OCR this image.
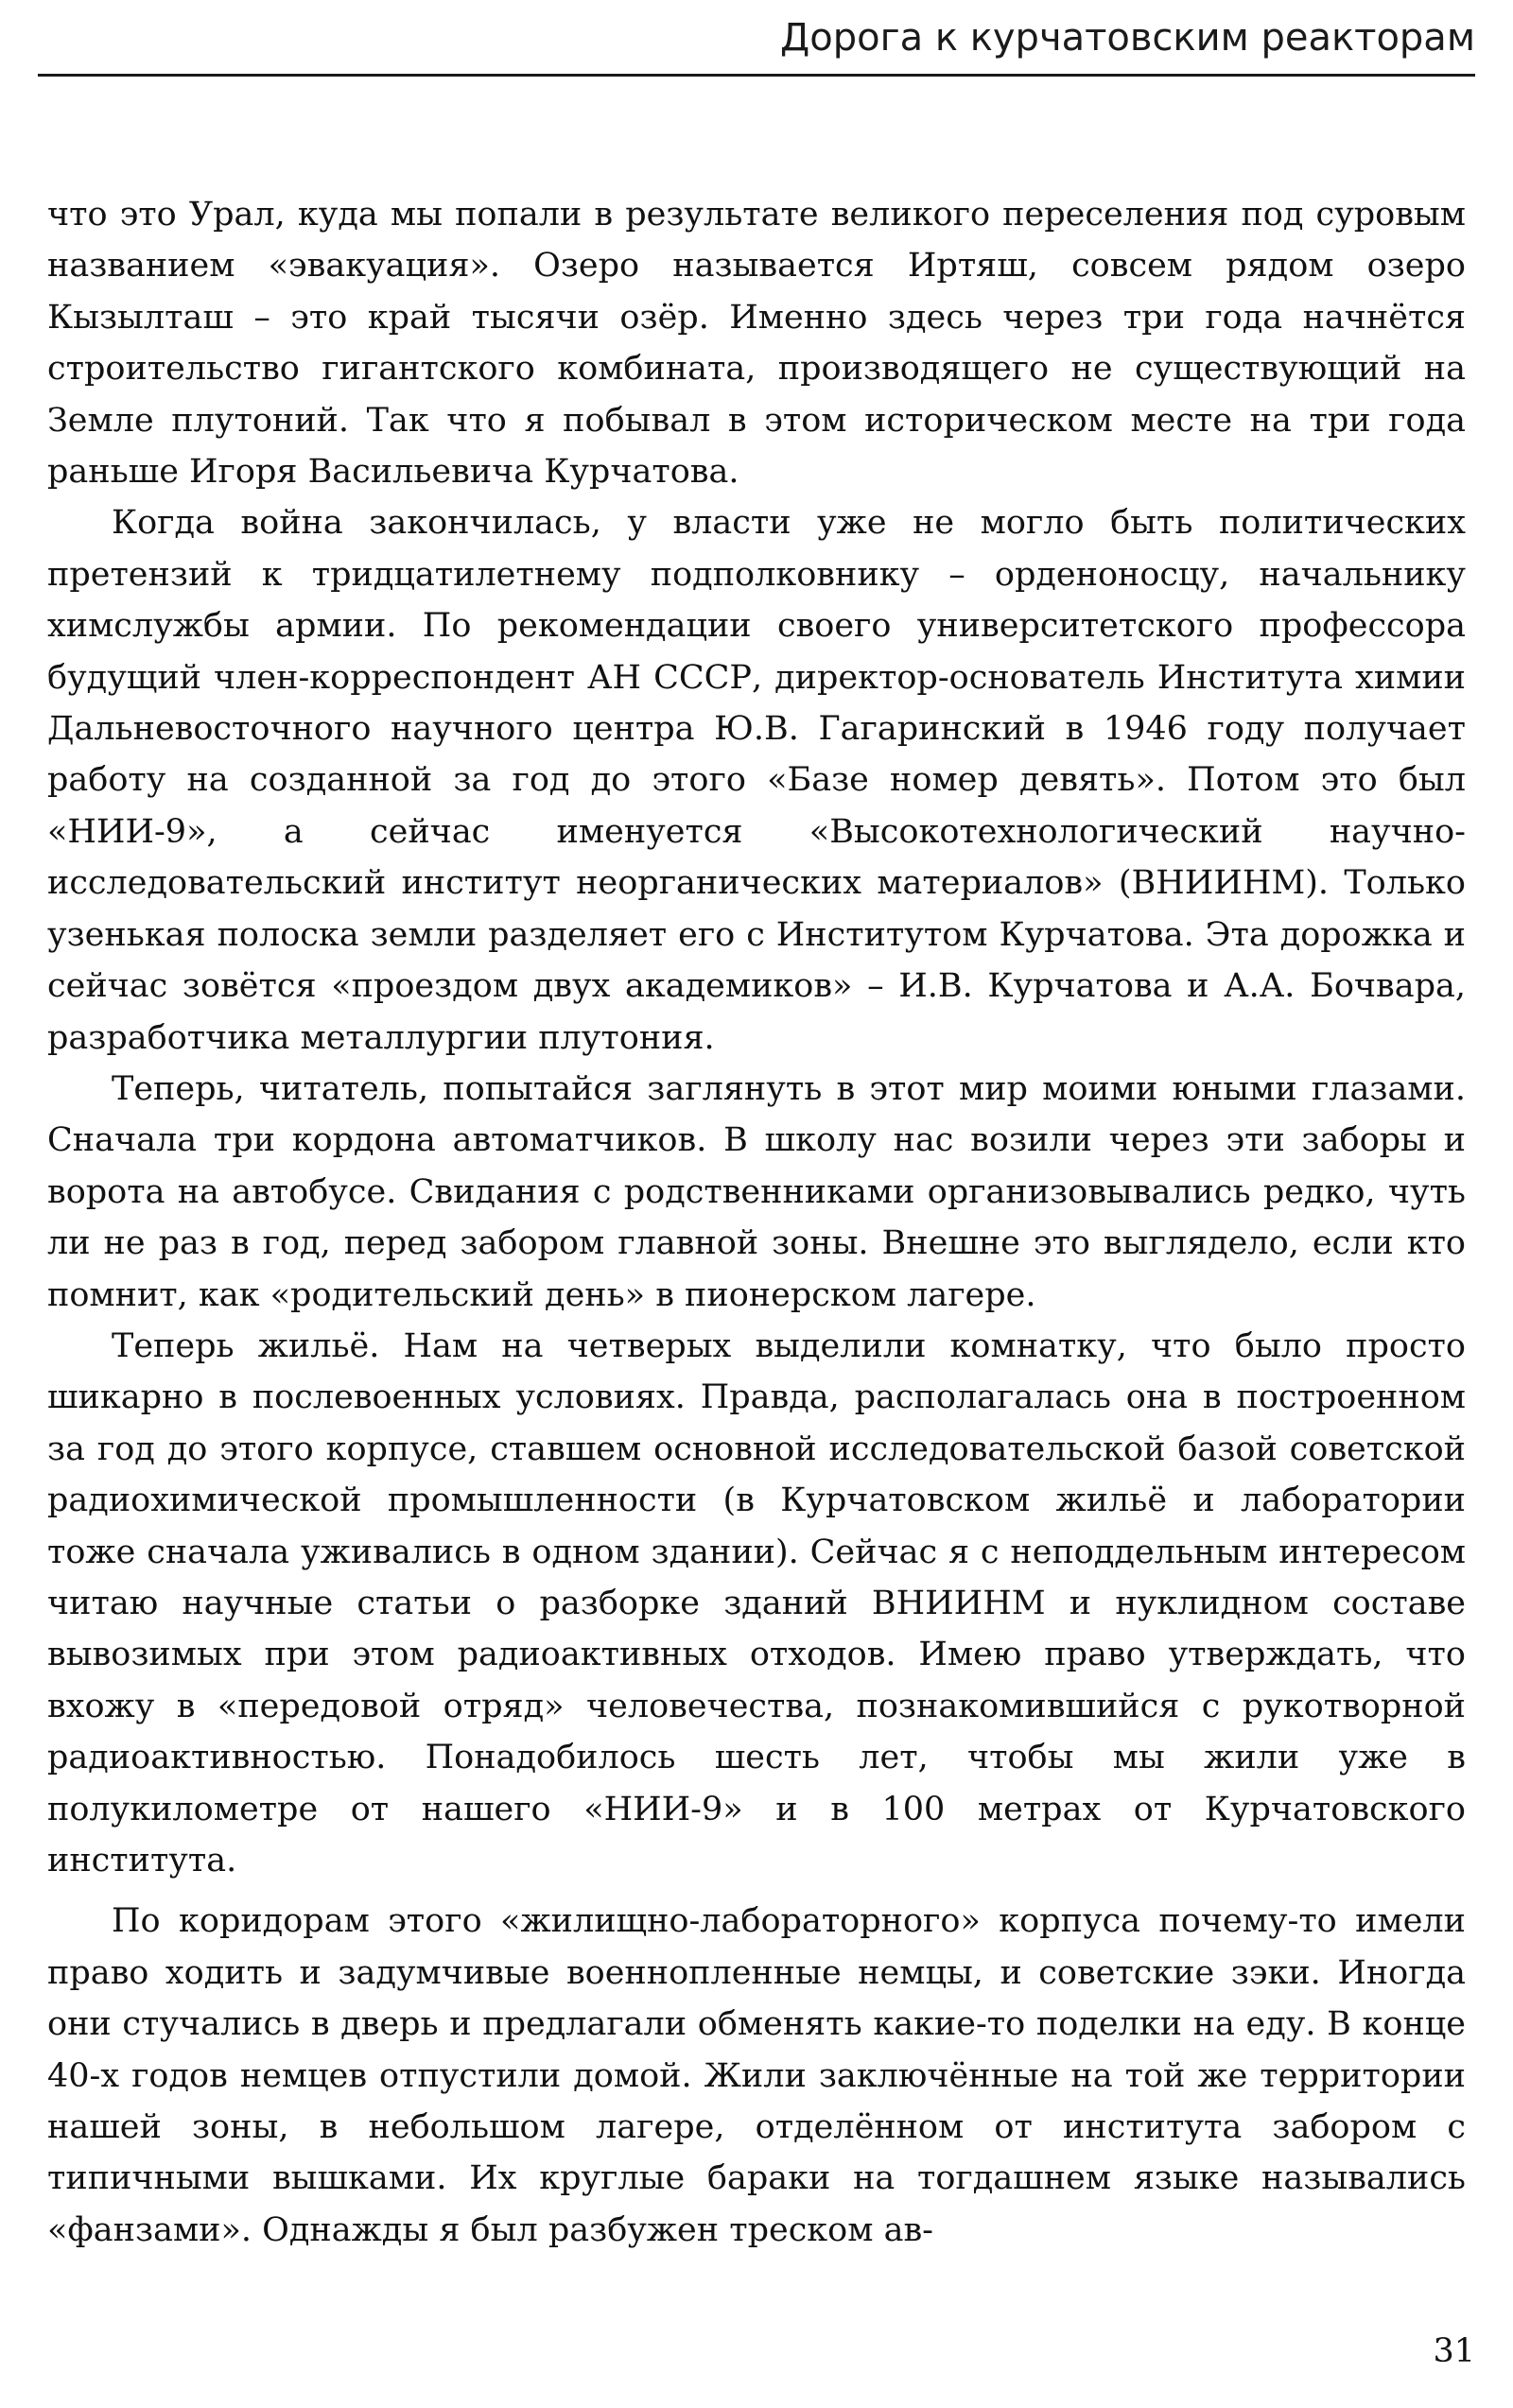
Дорога к курчатовским реакторам

что это Урал, куда мы попали в результате великого переселения под суровым названием «эвакуация». Озеро называется Иртяш, совсем рядом озеро Кызылташ – это край тысячи озёр. Именно здесь через три года начнётся строительство гигантского комбината, производящего не существующий на Земле плутоний. Так что я побывал в этом историческом месте на три года раньше Игоря Васильевича Курчатова.

Когда война закончилась, у власти уже не могло быть политических претензий к тридцатилетнему подполковнику – орденоносцу, начальнику химслужбы армии. По рекомендации своего университетского профессора будущий член-корреспондент АН СССР, директор-основатель Института химии Дальневосточного научного центра Ю.В. Гагаринский в 1946 году получает работу на созданной за год до этого «Базе номер девять». Потом это был «НИИ-9», а сейчас именуется «Высокотехнологический научно-исследовательский институт неорганических материалов» (ВНИИНМ). Только узенькая полоска земли разделяет его с Институтом Курчатова. Эта дорожка и сейчас зовётся «проездом двух академиков» – И.В. Курчатова и А.А. Бочвара, разработчика металлургии плутония.

Теперь, читатель, попытайся заглянуть в этот мир моими юными глазами. Сначала три кордона автоматчиков. В школу нас возили через эти заборы и ворота на автобусе. Свидания с родственниками организовывались редко, чуть ли не раз в год, перед забором главной зоны. Внешне это выглядело, если кто помнит, как «родительский день» в пионерском лагере.

Теперь жильё. Нам на четверых выделили комнатку, что было просто шикарно в послевоенных условиях. Правда, располагалась она в построенном за год до этого корпусе, ставшем основной исследовательской базой советской радиохимической промышленности (в Курчатовском жильё и лаборатории тоже сначала уживались в одном здании). Сейчас я с неподдельным интересом читаю научные статьи о разборке зданий ВНИИНМ и нуклидном составе вывозимых при этом радиоактивных отходов. Имею право утверждать, что вхожу в «передовой отряд» человечества, познакомившийся с рукотворной радиоактивностью. Понадобилось шесть лет, чтобы мы жили уже в полукилометре от нашего «НИИ-9» и в 100 метрах от Курчатовского института.

По коридорам этого «жилищно-лабораторного» корпуса почему-то имели право ходить и задумчивые военнопленные немцы, и советские зэки. Иногда они стучались в дверь и предлагали обменять какие-то поделки на еду. В конце 40-х годов немцев отпустили домой. Жили заключённые на той же территории нашей зоны, в небольшом лагере, отделённом от института забором с типичными вышками. Их круглые бараки на тогдашнем языке назывались «фанзами». Однажды я был разбужен треском ав-

31
